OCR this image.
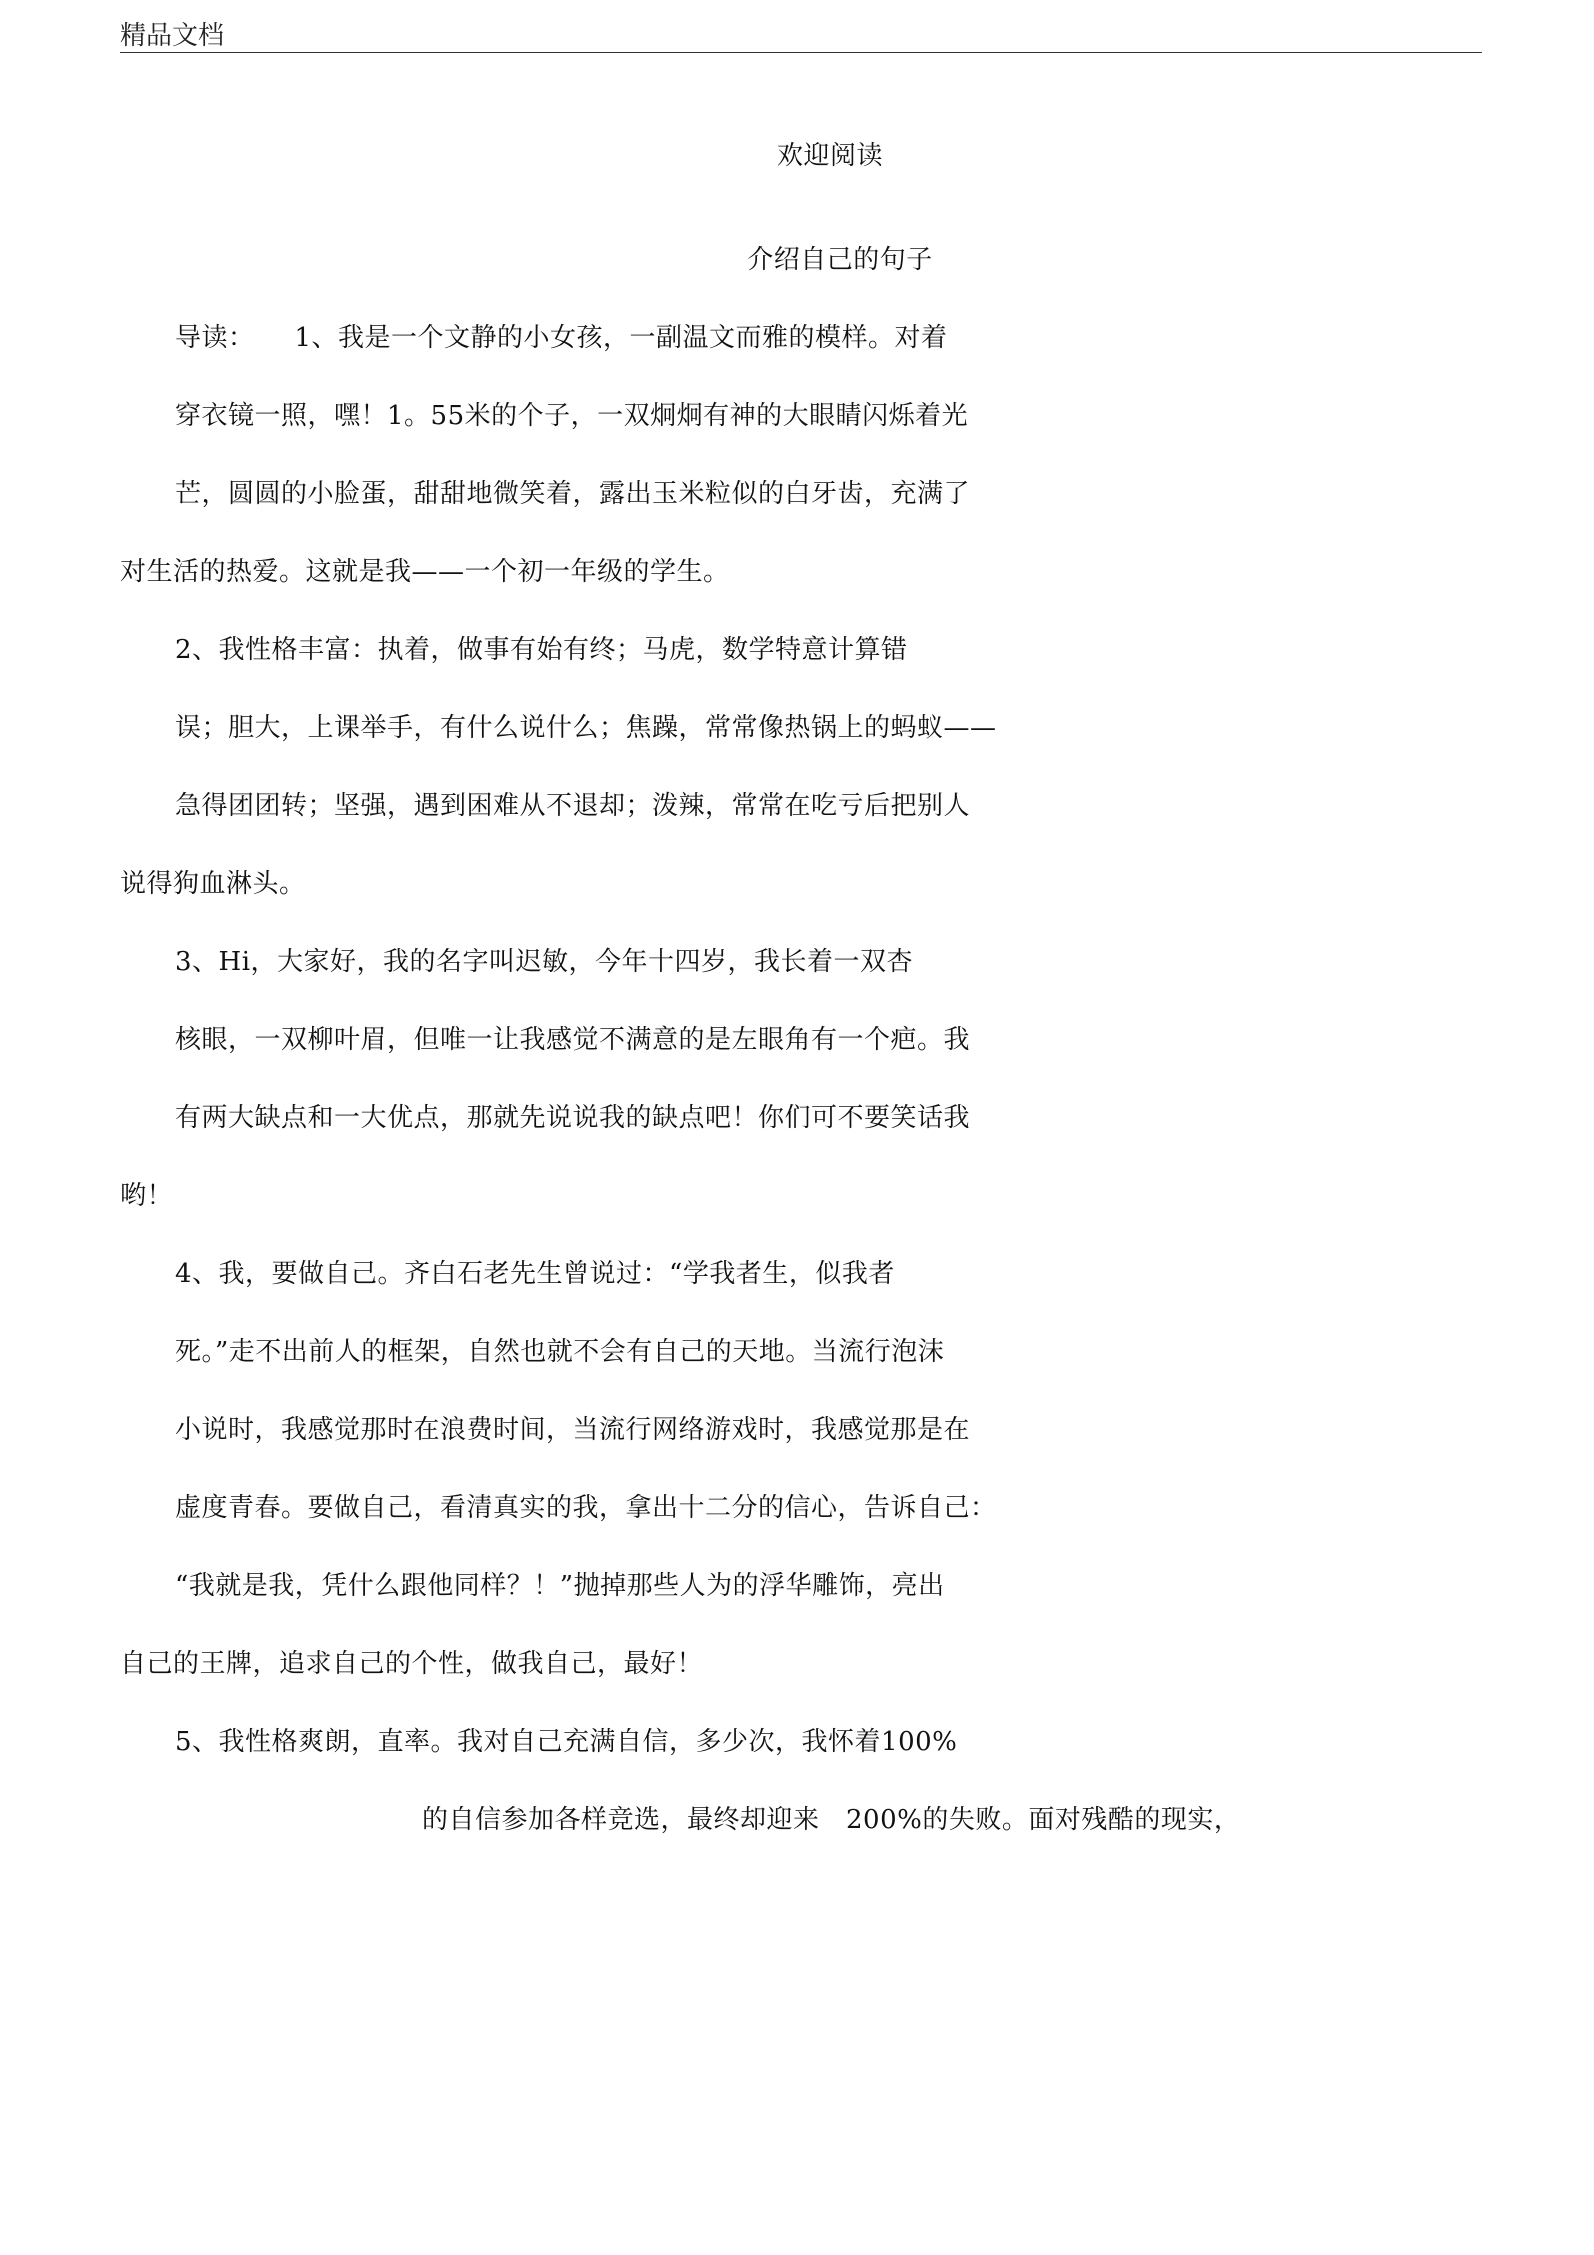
精品文档
欢迎阅读
介绍自己的句子
导读：　　1、我是一个文静的小女孩，一副温文而雅的模样。对着
穿衣镜一照，嘿！1。55米的个子，一双炯炯有神的大眼睛闪烁着光
芒，圆圆的小脸蛋，甜甜地微笑着，露出玉米粒似的白牙齿，充满了
对生活的热爱。这就是我——一个初一年级的学生。
2、我性格丰富：执着，做事有始有终；马虎，数学特意计算错
误；胆大，上课举手，有什么说什么；焦躁，常常像热锅上的蚂蚁——
急得团团转；坚强，遇到困难从不退却；泼辣，常常在吃亏后把别人
说得狗血淋头。
3、Hi，大家好，我的名字叫迟敏，今年十四岁，我长着一双杏
核眼，一双柳叶眉，但唯一让我感觉不满意的是左眼角有一个疤。我
有两大缺点和一大优点，那就先说说我的缺点吧！你们可不要笑话我
哟！
4、我，要做自己。齐白石老先生曾说过：“学我者生，似我者
死。”走不出前人的框架，自然也就不会有自己的天地。当流行泡沫
小说时，我感觉那时在浪费时间，当流行网络游戏时，我感觉那是在
虚度青春。要做自己，看清真实的我，拿出十二分的信心，告诉自己：
“我就是我，凭什么跟他同样？！”抛掉那些人为的浮华雕饰，亮出
自己的王牌，追求自己的个性，做我自己，最好！
5、我性格爽朗，直率。我对自己充满自信，多少次，我怀着100%
的自信参加各样竞选，最终却迎来　200%的失败。面对残酷的现实，
